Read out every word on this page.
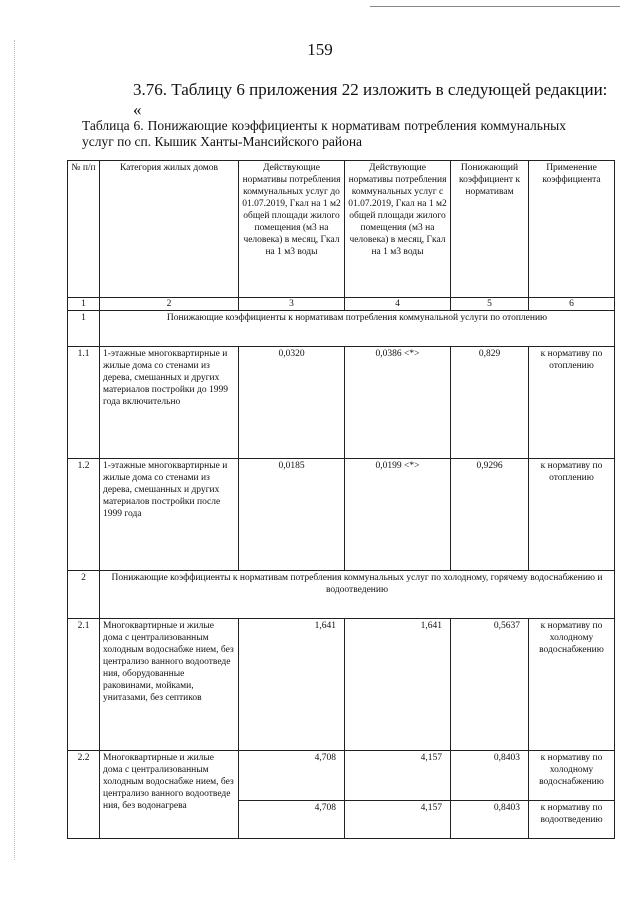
159
3.76. Таблицу 6 приложения 22 изложить в следующей редакции:
«
Таблица 6. Понижающие коэффициенты к нормативам потребления коммунальных услуг по сп. Кышик Ханты-Мансийского района
№ п/п	Категория жилых домов	Действующие нормативы потребления коммунальных услуг до 01.07.2019, Гкал на 1 м2 общей площади жилого помещения (м3 на человека) в месяц, Гкал на 1 м3 воды	Действующие нормативы потребления коммунальных услуг с 01.07.2019, Гкал на 1 м2 общей площади жилого помещения (м3 на человека) в месяц, Гкал на 1 м3 воды	Понижающий коэффициент к нормативам	Применение коэффициента
1	2	3	4	5	6
1	Понижающие коэффициенты к нормативам потребления коммунальной услуги по отоплению				
1.1	1-этажные многоквартирные и жилые дома со стенами из дерева, смешанных и других материалов постройки до 1999 года включительно	0,0320	0,0386 <*>	0,829	к нормативу по отоплению
1.2	1-этажные многоквартирные и жилые дома со стенами из дерева, смешанных и других материалов постройки после 1999 года	0,0185	0,0199 <*>	0,9296	к нормативу по отоплению
2	Понижающие коэффициенты к нормативам потребления коммунальных услуг по холодному, горячему водоснабжению и водоотведению				
2.1	Многоквартирные и жилые дома с централизованным холодным водоснабже нием, без централизо ванного водоотведе ния, оборудованные раковинами, мойками, унитазами, без септиков	1,641	1,641	0,5637	к нормативу по холодному водоснабжению
2.2	Многоквартирные и жилые дома с централизованным холодным водоснабже нием, без централизо ванного водоотведе ния, без водонагрева	4,708	4,157	0,8403	к нормативу по холодному водоснабжению
		4,708	4,157	0,8403	к нормативу по водоотведению
